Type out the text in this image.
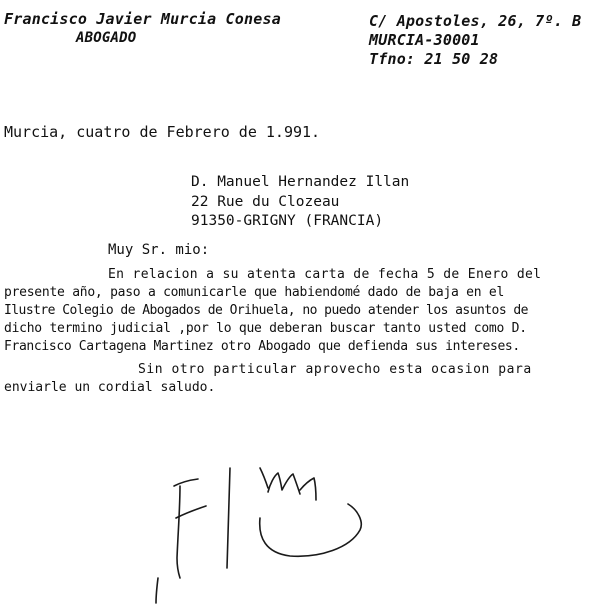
Francisco Javier Murcia Conesa
ABOGADO
C/ Apostoles, 26, 7º. B
MURCIA-30001
Tfno: 21 50 28
Murcia, cuatro de Febrero de 1.991.
D. Manuel Hernandez Illan
22 Rue du Clozeau
91350-GRIGNY (FRANCIA)
Muy Sr. mio:
En relacion a su atenta carta de fecha 5 de Enero del
presente año, paso a comunicarle que habiendomé dado de baja en el
Ilustre Colegio de Abogados de Orihuela, no puedo atender los asuntos de
dicho termino judicial ,por lo que deberan buscar tanto usted como D.
Francisco Cartagena Martinez otro Abogado que defienda sus intereses.
Sin otro particular aprovecho esta ocasion para
enviarle un cordial saludo.
